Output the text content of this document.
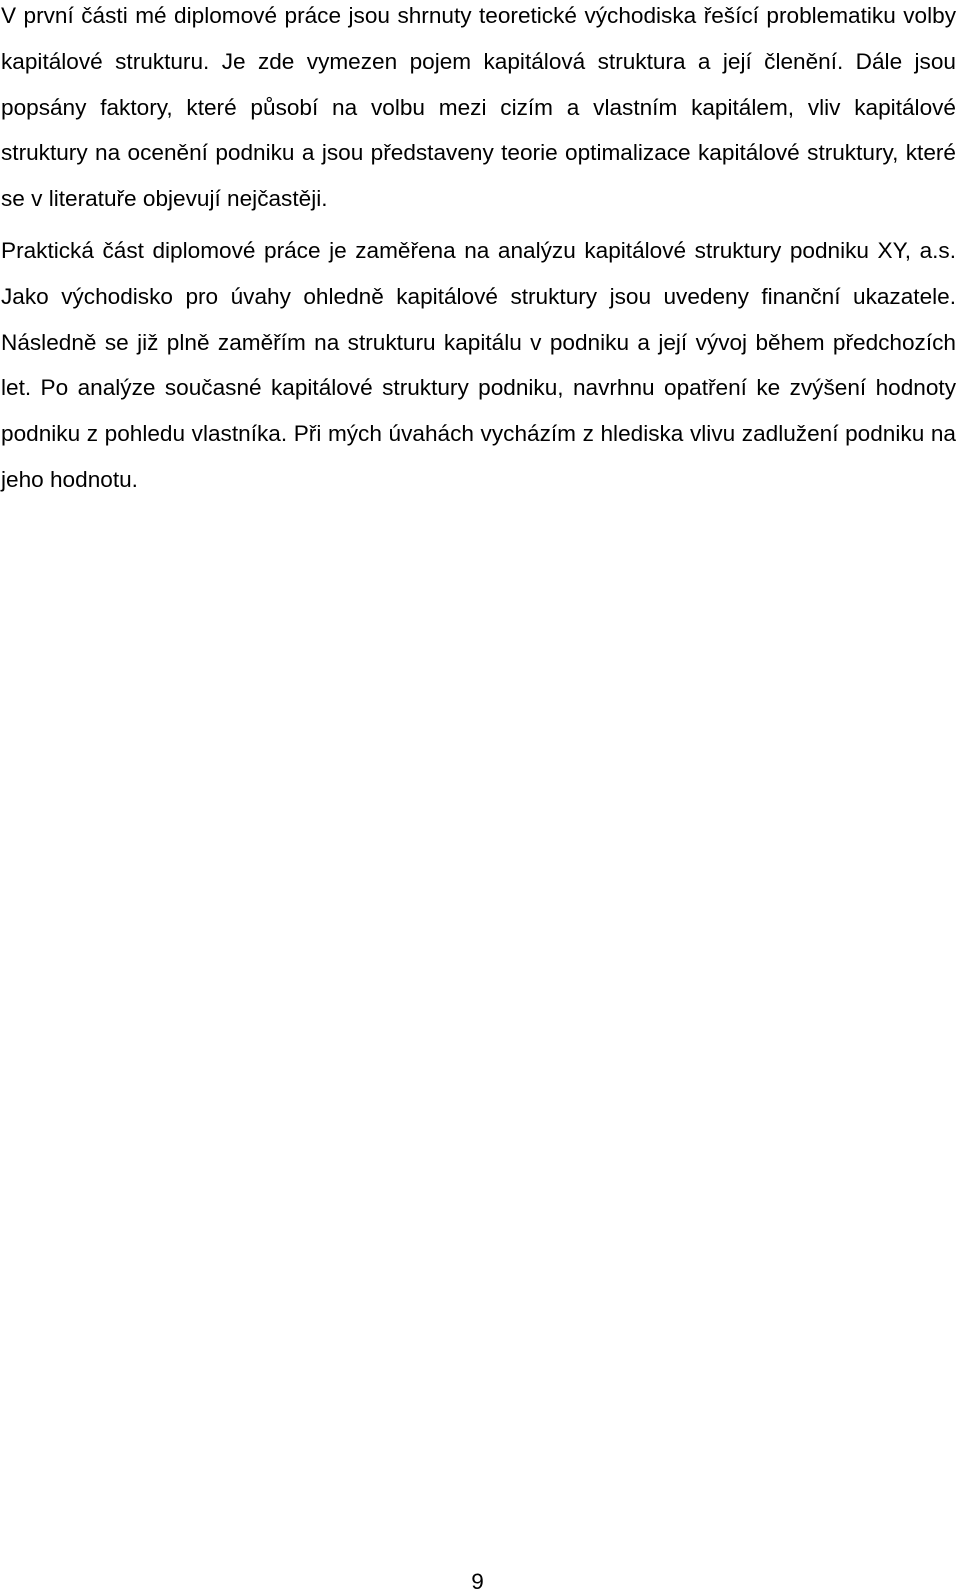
V první části mé diplomové práce jsou shrnuty teoretické východiska řešící problematiku volby kapitálové strukturu. Je zde vymezen pojem kapitálová struktura a její členění. Dále jsou popsány faktory, které působí na volbu mezi cizím a vlastním kapitálem, vliv kapitálové struktury na ocenění podniku a jsou představeny teorie optimalizace kapitálové struktury, které se v literatuře objevují nejčastěji.

Praktická část diplomové práce je zaměřena na analýzu kapitálové struktury podniku XY, a.s. Jako východisko pro úvahy ohledně kapitálové struktury jsou uvedeny finanční ukazatele. Následně se již plně zaměřím na strukturu kapitálu v podniku a její vývoj během předchozích let. Po analýze současné kapitálové struktury podniku, navrhnu opatření ke zvýšení hodnoty podniku z pohledu vlastníka. Při mých úvahách vycházím z hlediska vlivu zadlužení podniku na jeho hodnotu.

9
